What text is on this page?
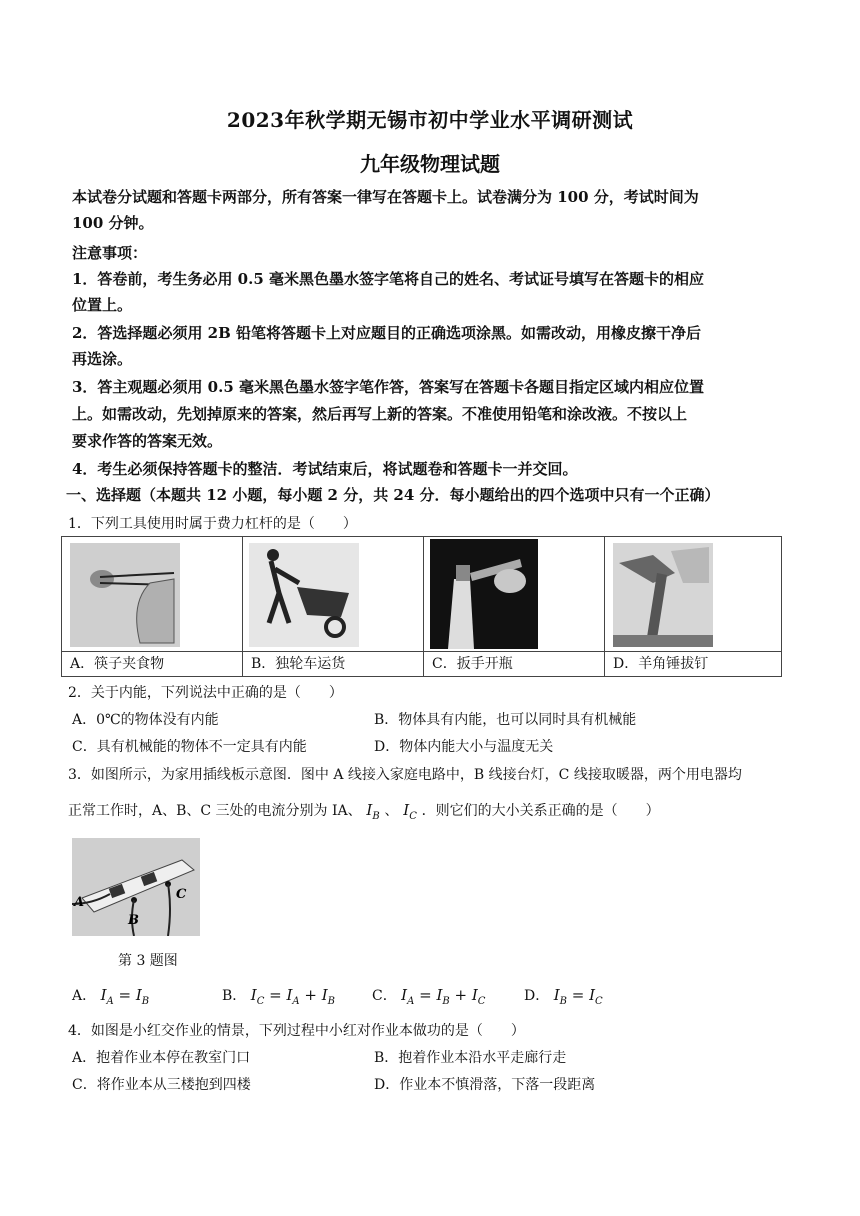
2023年秋学期无锡市初中学业水平调研测试
九年级物理试题
本试卷分试题和答题卡两部分，所有答案一律写在答题卡上。试卷满分为 100 分，考试时间为
100 分钟。
注意事项：
1．答卷前，考生务必用 0.5 毫米黑色墨水签字笔将自己的姓名、考试证号填写在答题卡的相应
位置上。
2．答选择题必须用 2B 铅笔将答题卡上对应题目的正确选项涂黑。如需改动，用橡皮擦干净后
再选涂。
3．答主观题必须用 0.5 毫米黑色墨水签字笔作答，答案写在答题卡各题目指定区域内相应位置
上。如需改动，先划掉原来的答案，然后再写上新的答案。不准使用铅笔和涂改液。不按以上
要求作答的答案无效。
4．考生必须保持答题卡的整洁．考试结束后，将试题卷和答题卡一并交回。
一、选择题（本题共 12 小题，每小题 2 分，共 24 分．每小题给出的四个选项中只有一个正确）
1．下列工具使用时属于费力杠杆的是（　　）
A．筷子夹食物	B．独轮车运货	C．扳手开瓶	D．羊角锤拔钉
2．关于内能，下列说法中正确的是（　　）
A．0℃的物体没有内能	B．物体具有内能，也可以同时具有机械能
C．具有机械能的物体不一定具有内能	D．物体内能大小与温度无关
3．如图所示，为家用插线板示意图．图中 A 线接入家庭电路中，B 线接台灯，C 线接取暖器，两个用电器均
正常工作时，A、B、C 三处的电流分别为 IA、 $I_B$ 、 $I_C$ ．则它们的大小关系正确的是（　　）
A
B
C
第 3 题图
A． $I_A = I_B$	B． $I_C = I_A + I_B$	C． $I_A = I_B + I_C$	D． $I_B = I_C$
4．如图是小红交作业的情景，下列过程中小红对作业本做功的是（　　）
A．抱着作业本停在教室门口	B．抱着作业本沿水平走廊行走
C．将作业本从三楼抱到四楼	D．作业本不慎滑落，下落一段距离
